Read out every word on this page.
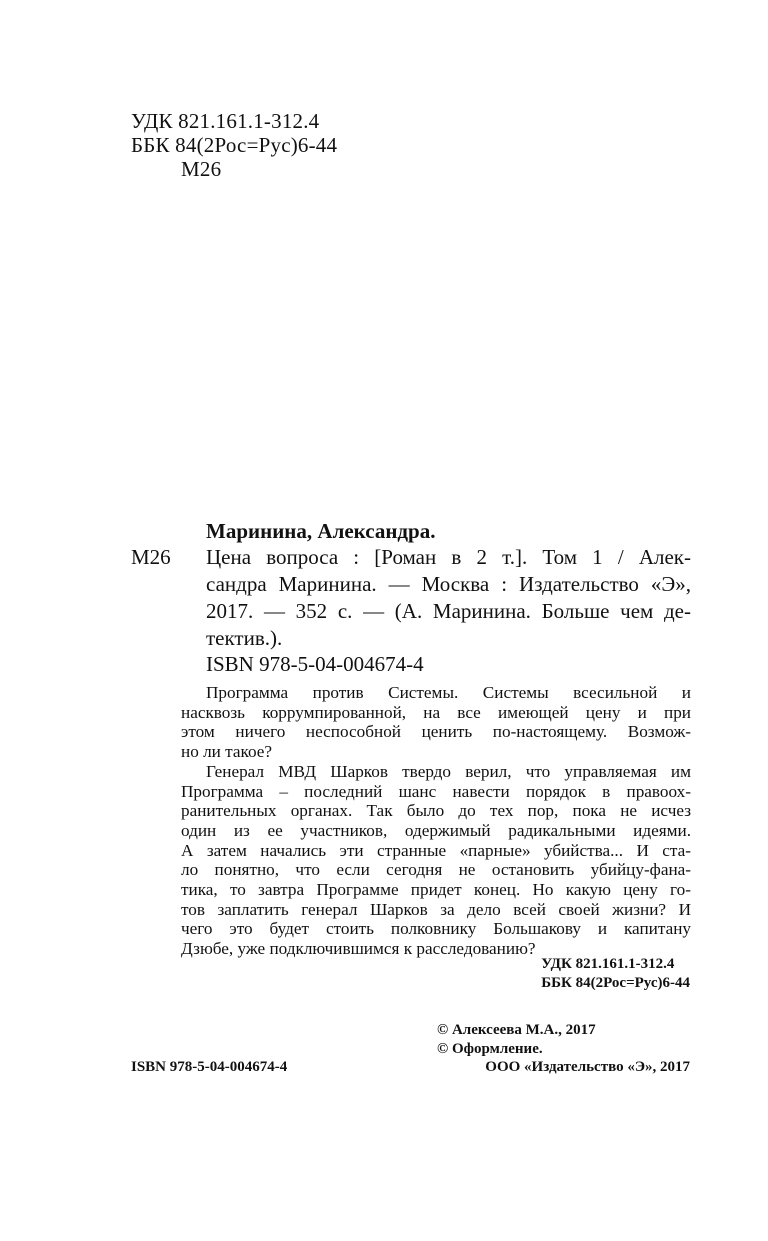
УДК 821.161.1-312.4
ББК 84(2Рос=Рус)6-44
М26
Маринина, Александра.
М26 Цена вопроса : [Роман в 2 т.]. Том 1 / Алек-
сандра Маринина. — Москва : Издательство «Э»,
2017. — 352 с. — (А. Маринина. Больше чем де-
тектив.).
ISBN 978-5-04-004674-4
Программа против Системы. Системы всесильной и
насквозь коррумпированной, на все имеющей цену и при
этом ничего неспособной ценить по-настоящему. Возмож-
но ли такое?
Генерал МВД Шарков твердо верил, что управляемая им
Программа – последний шанс навести порядок в правоох-
ранительных органах. Так было до тех пор, пока не исчез
один из ее участников, одержимый радикальными идеями.
А затем начались эти странные «парные» убийства... И ста-
ло понятно, что если сегодня не остановить убийцу-фана-
тика, то завтра Программе придет конец. Но какую цену го-
тов заплатить генерал Шарков за дело всей своей жизни? И
чего это будет стоить полковнику Большакову и капитану
Дзюбе, уже подключившимся к расследованию?
УДК 821.161.1-312.4
ББК 84(2Рос=Рус)6-44
ISBN 978-5-04-004674-4
© Алексеева М.А., 2017
© Оформление.
ООО «Издательство «Э», 2017
